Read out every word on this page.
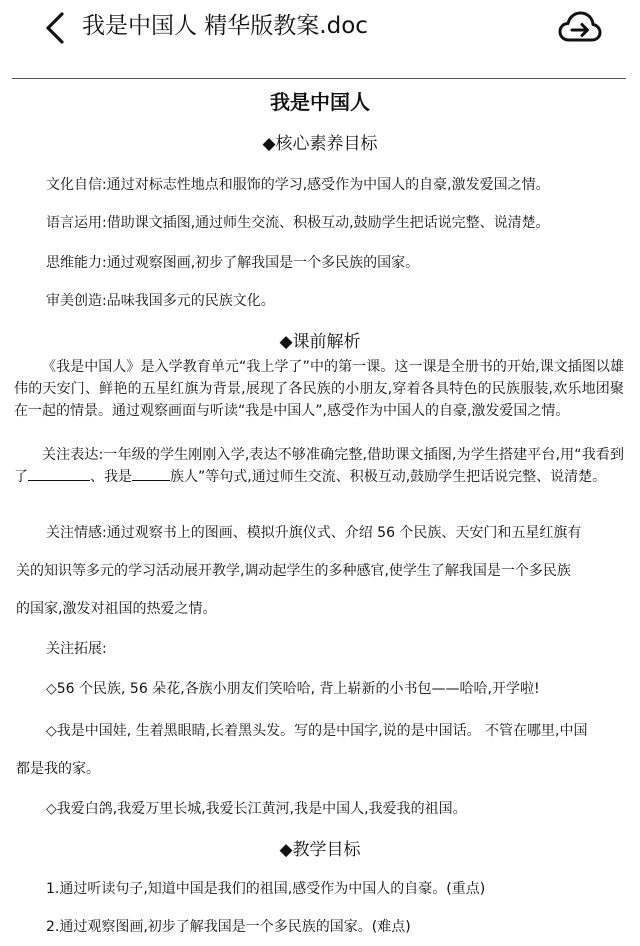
我是中国人 精华版教案.doc
我是中国人
◆核心素养目标
文化自信:通过对标志性地点和服饰的学习,感受作为中国人的自豪,激发爱国之情。
语言运用:借助课文插图,通过师生交流、积极互动,鼓励学生把话说完整、说清楚。
思维能力:通过观察图画,初步了解我国是一个多民族的国家。
审美创造:品味我国多元的民族文化。
◆课前解析
《我是中国人》是入学教育单元“我上学了”中的第一课。这一课是全册书的开始,课文插图以雄伟的天安门、鲜艳的五星红旗为背景,展现了各民族的小朋友,穿着各具特色的民族服装,欢乐地团聚在一起的情景。通过观察画面与听读“我是中国人”,感受作为中国人的自豪,激发爱国之情。
关注表达:一年级的学生刚刚入学,表达不够准确完整,借助课文插图,为学生搭建平台,用“我看到了	、我是	族人”等句式,通过师生交流、积极互动,鼓励学生把话说完整、说清楚。
关注情感:通过观察书上的图画、模拟升旗仪式、介绍 56 个民族、天安门和五星红旗有
关的知识等多元的学习活动展开教学,调动起学生的多种感官,使学生了解我国是一个多民族
的国家,激发对祖国的热爱之情。
关注拓展:
◇56 个民族, 56 朵花,各族小朋友们笑哈哈, 背上崭新的小书包——哈哈,开学啦!
◇我是中国娃, 生着黑眼睛,长着黑头发。写的是中国字,说的是中国话。 不管在哪里,中国
都是我的家。
◇我爱白鸽,我爱万里长城,我爱长江黄河,我是中国人,我爱我的祖国。
◆教学目标
1.通过听读句子,知道中国是我们的祖国,感受作为中国人的自豪。(重点)
2.通过观察图画,初步了解我国是一个多民族的国家。(难点)
